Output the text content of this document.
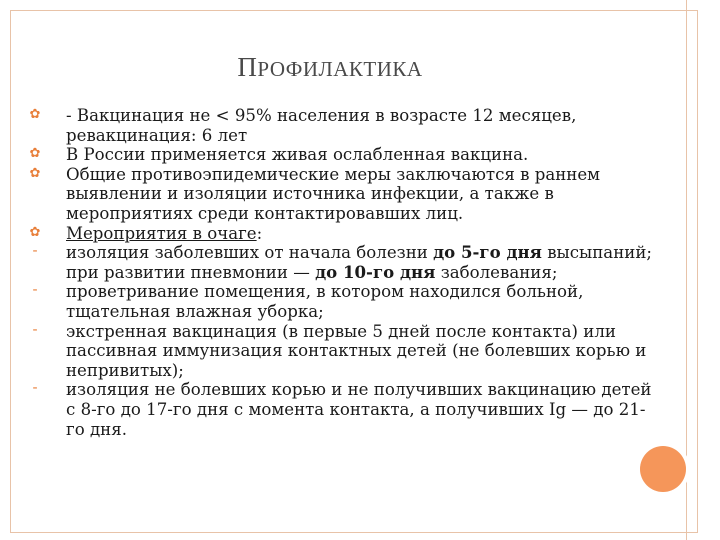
ПРОФИЛАКТИКА
✿ - Вакцинация не < 95% населения в возрасте 12 месяцев, ревакцинация: 6 лет
✿ В России применяется живая ослабленная вакцина.
✿ Общие противоэпидемические меры заключаются в раннем выявлении и изоляции источника инфекции, а также в мероприятиях среди контактировавших лиц.
✿ Мероприятия в очаге:
- изоляция заболевших от начала болезни до 5-го дня высыпаний; при развитии пневмонии — до 10-го дня заболевания;
- проветривание помещения, в котором находился больной, тщательная влажная уборка;
- экстренная вакцинация (в первые 5 дней после контакта) или пассивная иммунизация контактных детей (не болевших корью и непривитых);
- изоляция не болевших корью и не получивших вакцинацию детей с 8-го до 17-го дня с момента контакта, а получивших Ig — до 21-го дня.
